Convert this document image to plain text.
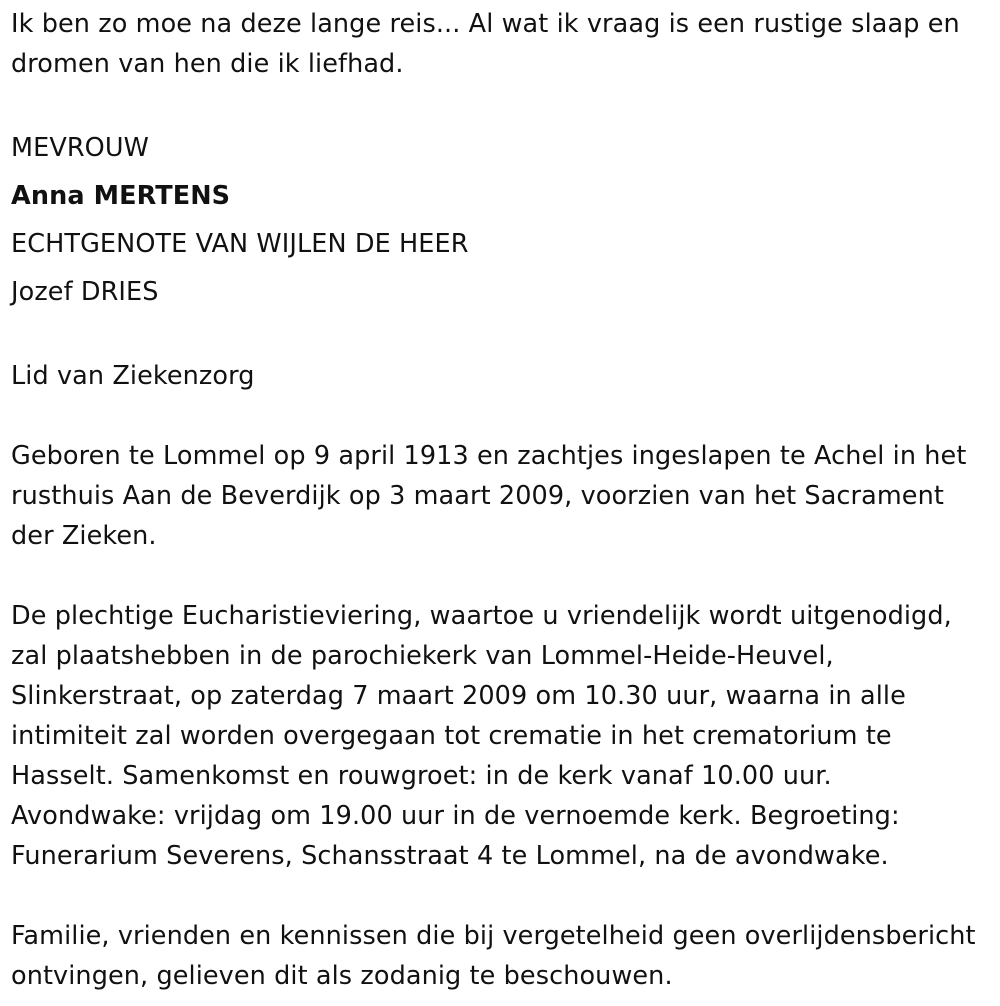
Ik ben zo moe na deze lange reis... Al wat ik vraag is een rustige slaap en dromen van hen die ik liefhad.

MEVROUW

Anna MERTENS

ECHTGENOTE VAN WIJLEN DE HEER

Jozef DRIES

Lid van Ziekenzorg

Geboren te Lommel op 9 april 1913 en zachtjes ingeslapen te Achel in het rusthuis Aan de Beverdijk op 3 maart 2009, voorzien van het Sacrament der Zieken.

De plechtige Eucharistieviering, waartoe u vriendelijk wordt uitgenodigd, zal plaatshebben in de parochiekerk van Lommel-Heide-Heuvel, Slinkerstraat, op zaterdag 7 maart 2009 om 10.30 uur, waarna in alle intimiteit zal worden overgegaan tot crematie in het crematorium te Hasselt. Samenkomst en rouwgroet: in de kerk vanaf 10.00 uur. Avondwake: vrijdag om 19.00 uur in de vernoemde kerk. Begroeting: Funerarium Severens, Schansstraat 4 te Lommel, na de avondwake.

Familie, vrienden en kennissen die bij vergetelheid geen overlijdensbericht ontvingen, gelieven dit als zodanig te beschouwen.
